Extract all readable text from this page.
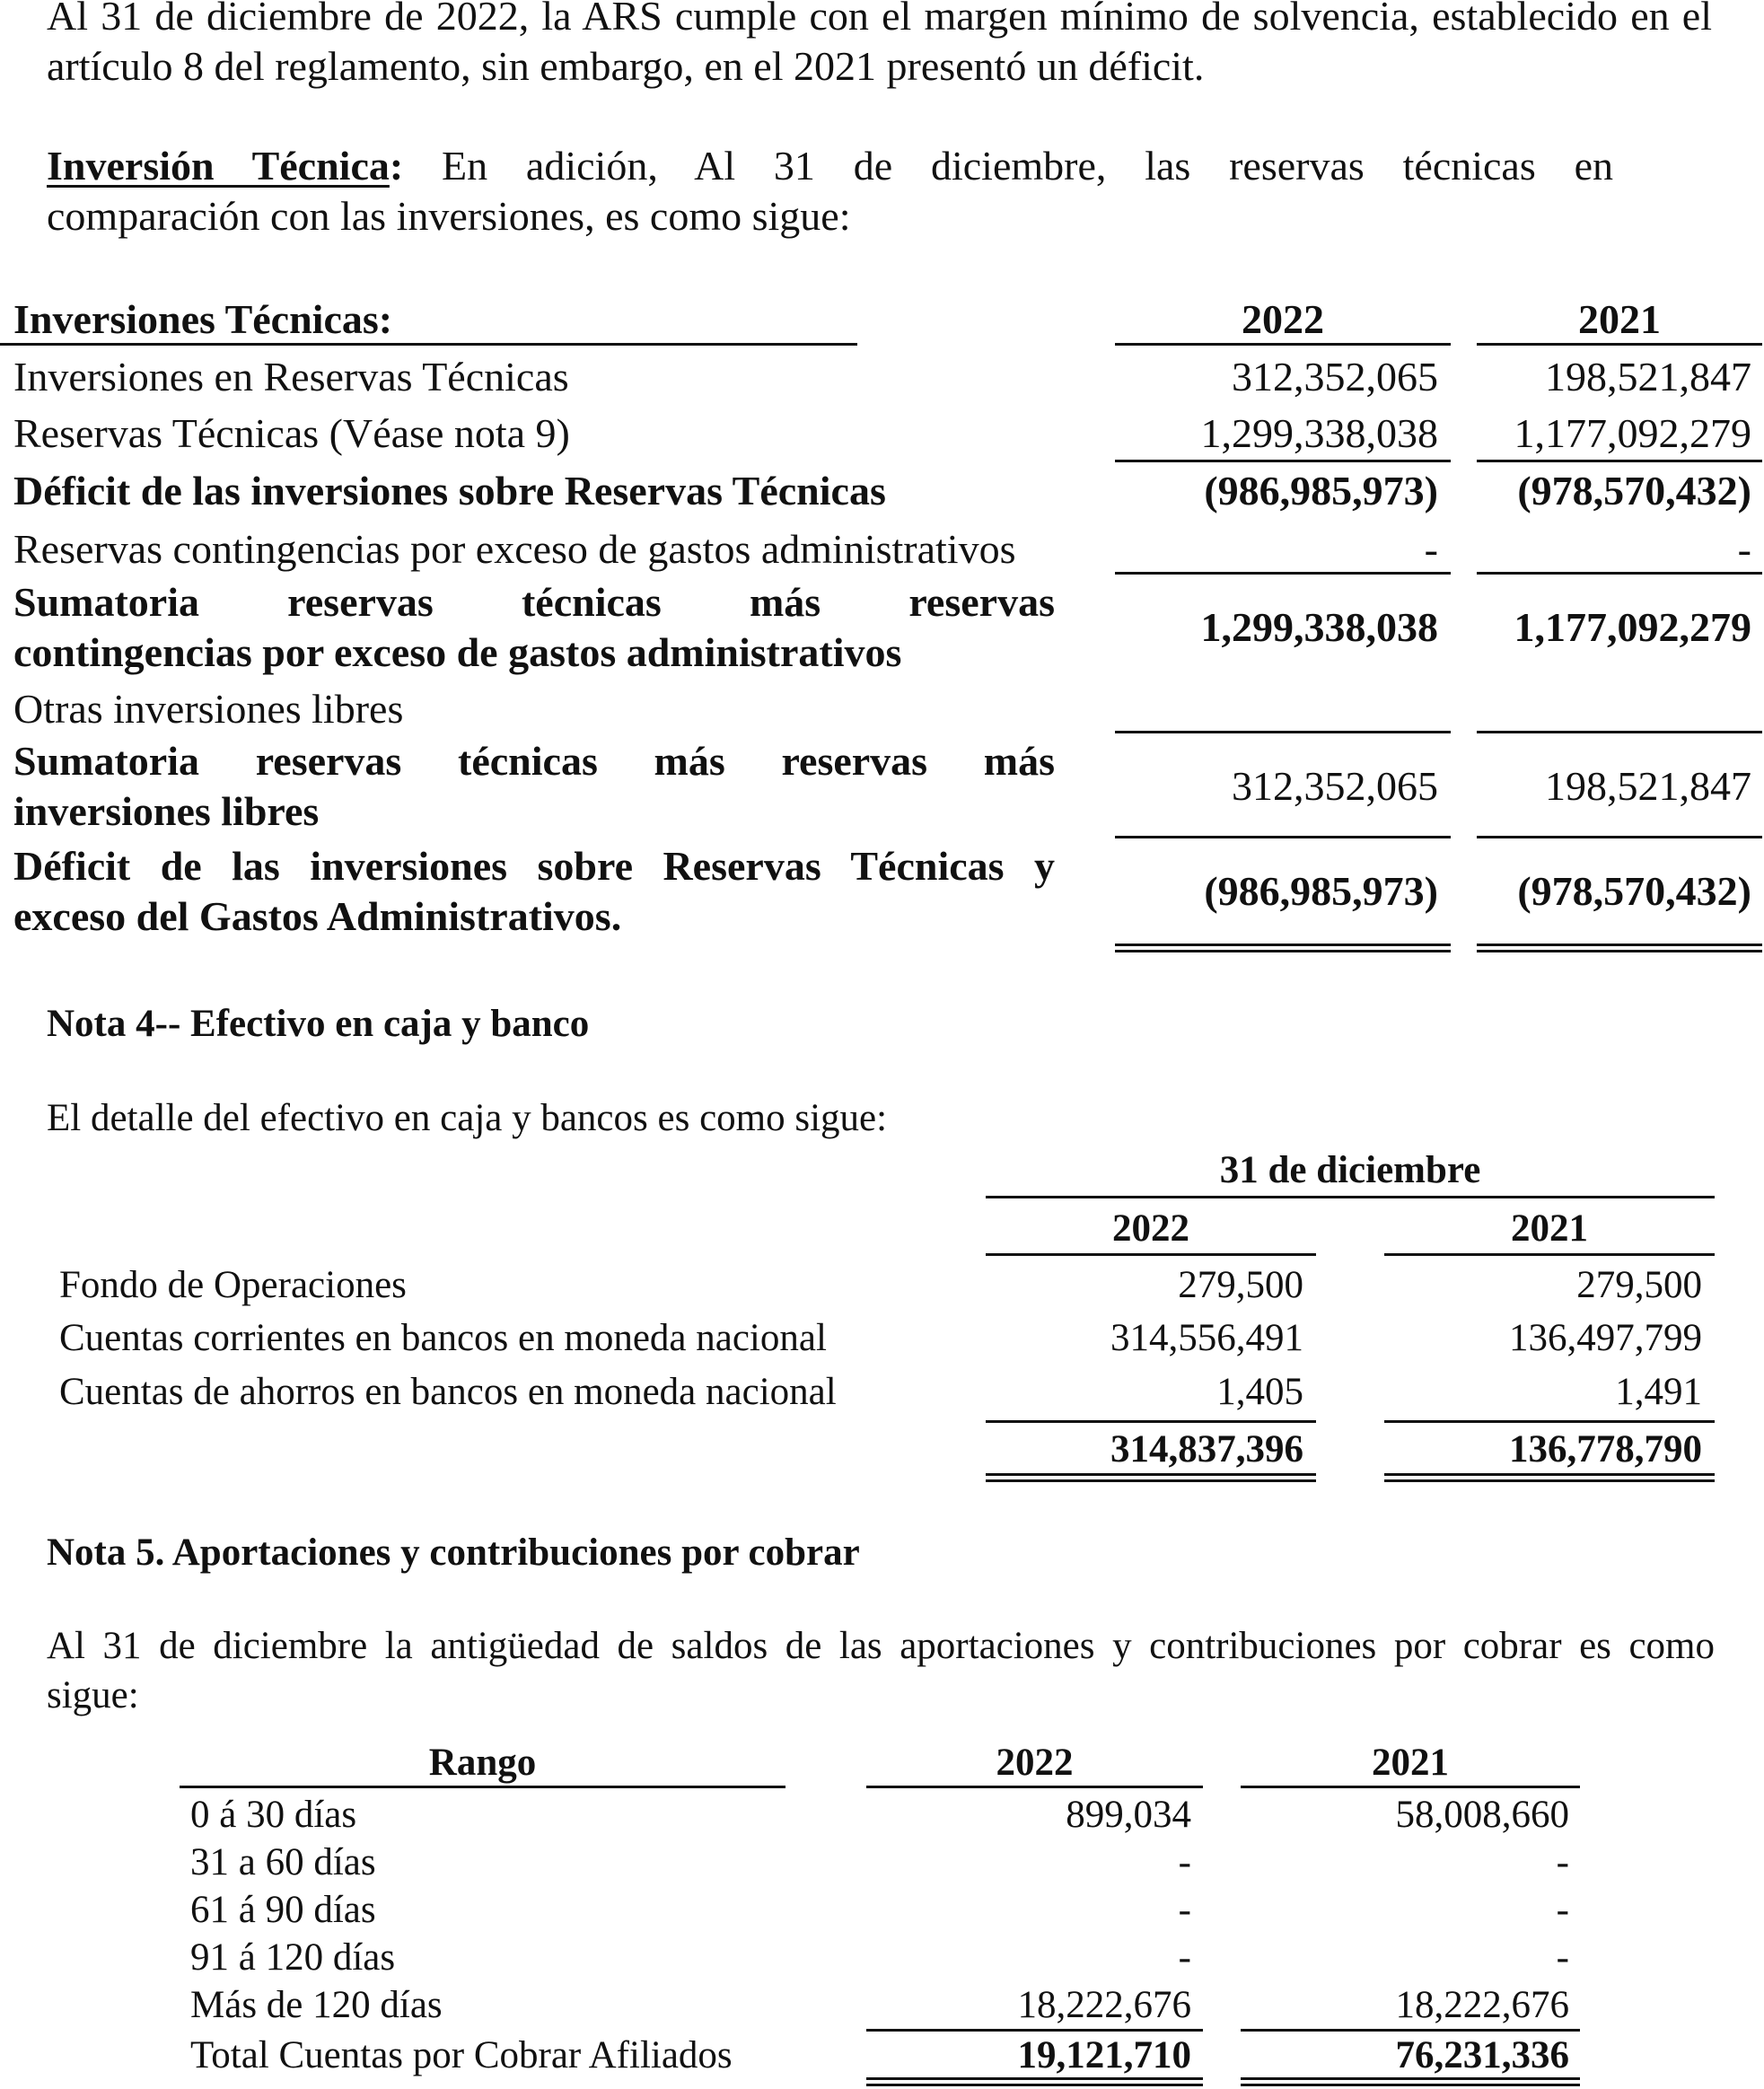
Al 31 de diciembre de 2022, la ARS cumple con el margen mínimo de solvencia, establecido en el
artículo 8 del reglamento, sin embargo, en el 2021 presentó un déficit.
Inversión Técnica: En adición, Al 31 de diciembre, las reservas técnicas en
comparación con las inversiones, es como sigue:
Inversiones Técnicas:	2022	2021
Inversiones en Reservas Técnicas	312,352,065	198,521,847
Reservas Técnicas (Véase nota 9)	1,299,338,038	1,177,092,279
Déficit de las inversiones sobre Reservas Técnicas	(986,985,973)	(978,570,432)
Reservas contingencias por exceso de gastos administrativos	-	-
Sumatoria reservas técnicas más reservas
contingencias por exceso de gastos administrativos
1,299,338,038	1,177,092,279
Otras inversiones libres
Sumatoria reservas técnicas más reservas más
inversiones libres
312,352,065	198,521,847
Déficit de las inversiones sobre Reservas Técnicas y
exceso del Gastos Administrativos.
(986,985,973)	(978,570,432)
Nota 4-- Efectivo en caja y banco
El detalle del efectivo en caja y bancos es como sigue:
31 de diciembre
2022	2021
Fondo de Operaciones	279,500	279,500
Cuentas corrientes en bancos en moneda nacional	314,556,491	136,497,799
Cuentas de ahorros en bancos en moneda nacional	1,405	1,491
314,837,396	136,778,790
Nota 5. Aportaciones y contribuciones por cobrar
Al 31 de diciembre la antigüedad de saldos de las aportaciones y contribuciones por cobrar es como
sigue:
Rango	2022	2021
0 á 30 días	899,034	58,008,660
31 a 60 días	-	-
61 á 90 días	-	-
91 á 120 días	-	-
Más de 120 días	18,222,676	18,222,676
Total Cuentas por Cobrar Afiliados	19,121,710	76,231,336
